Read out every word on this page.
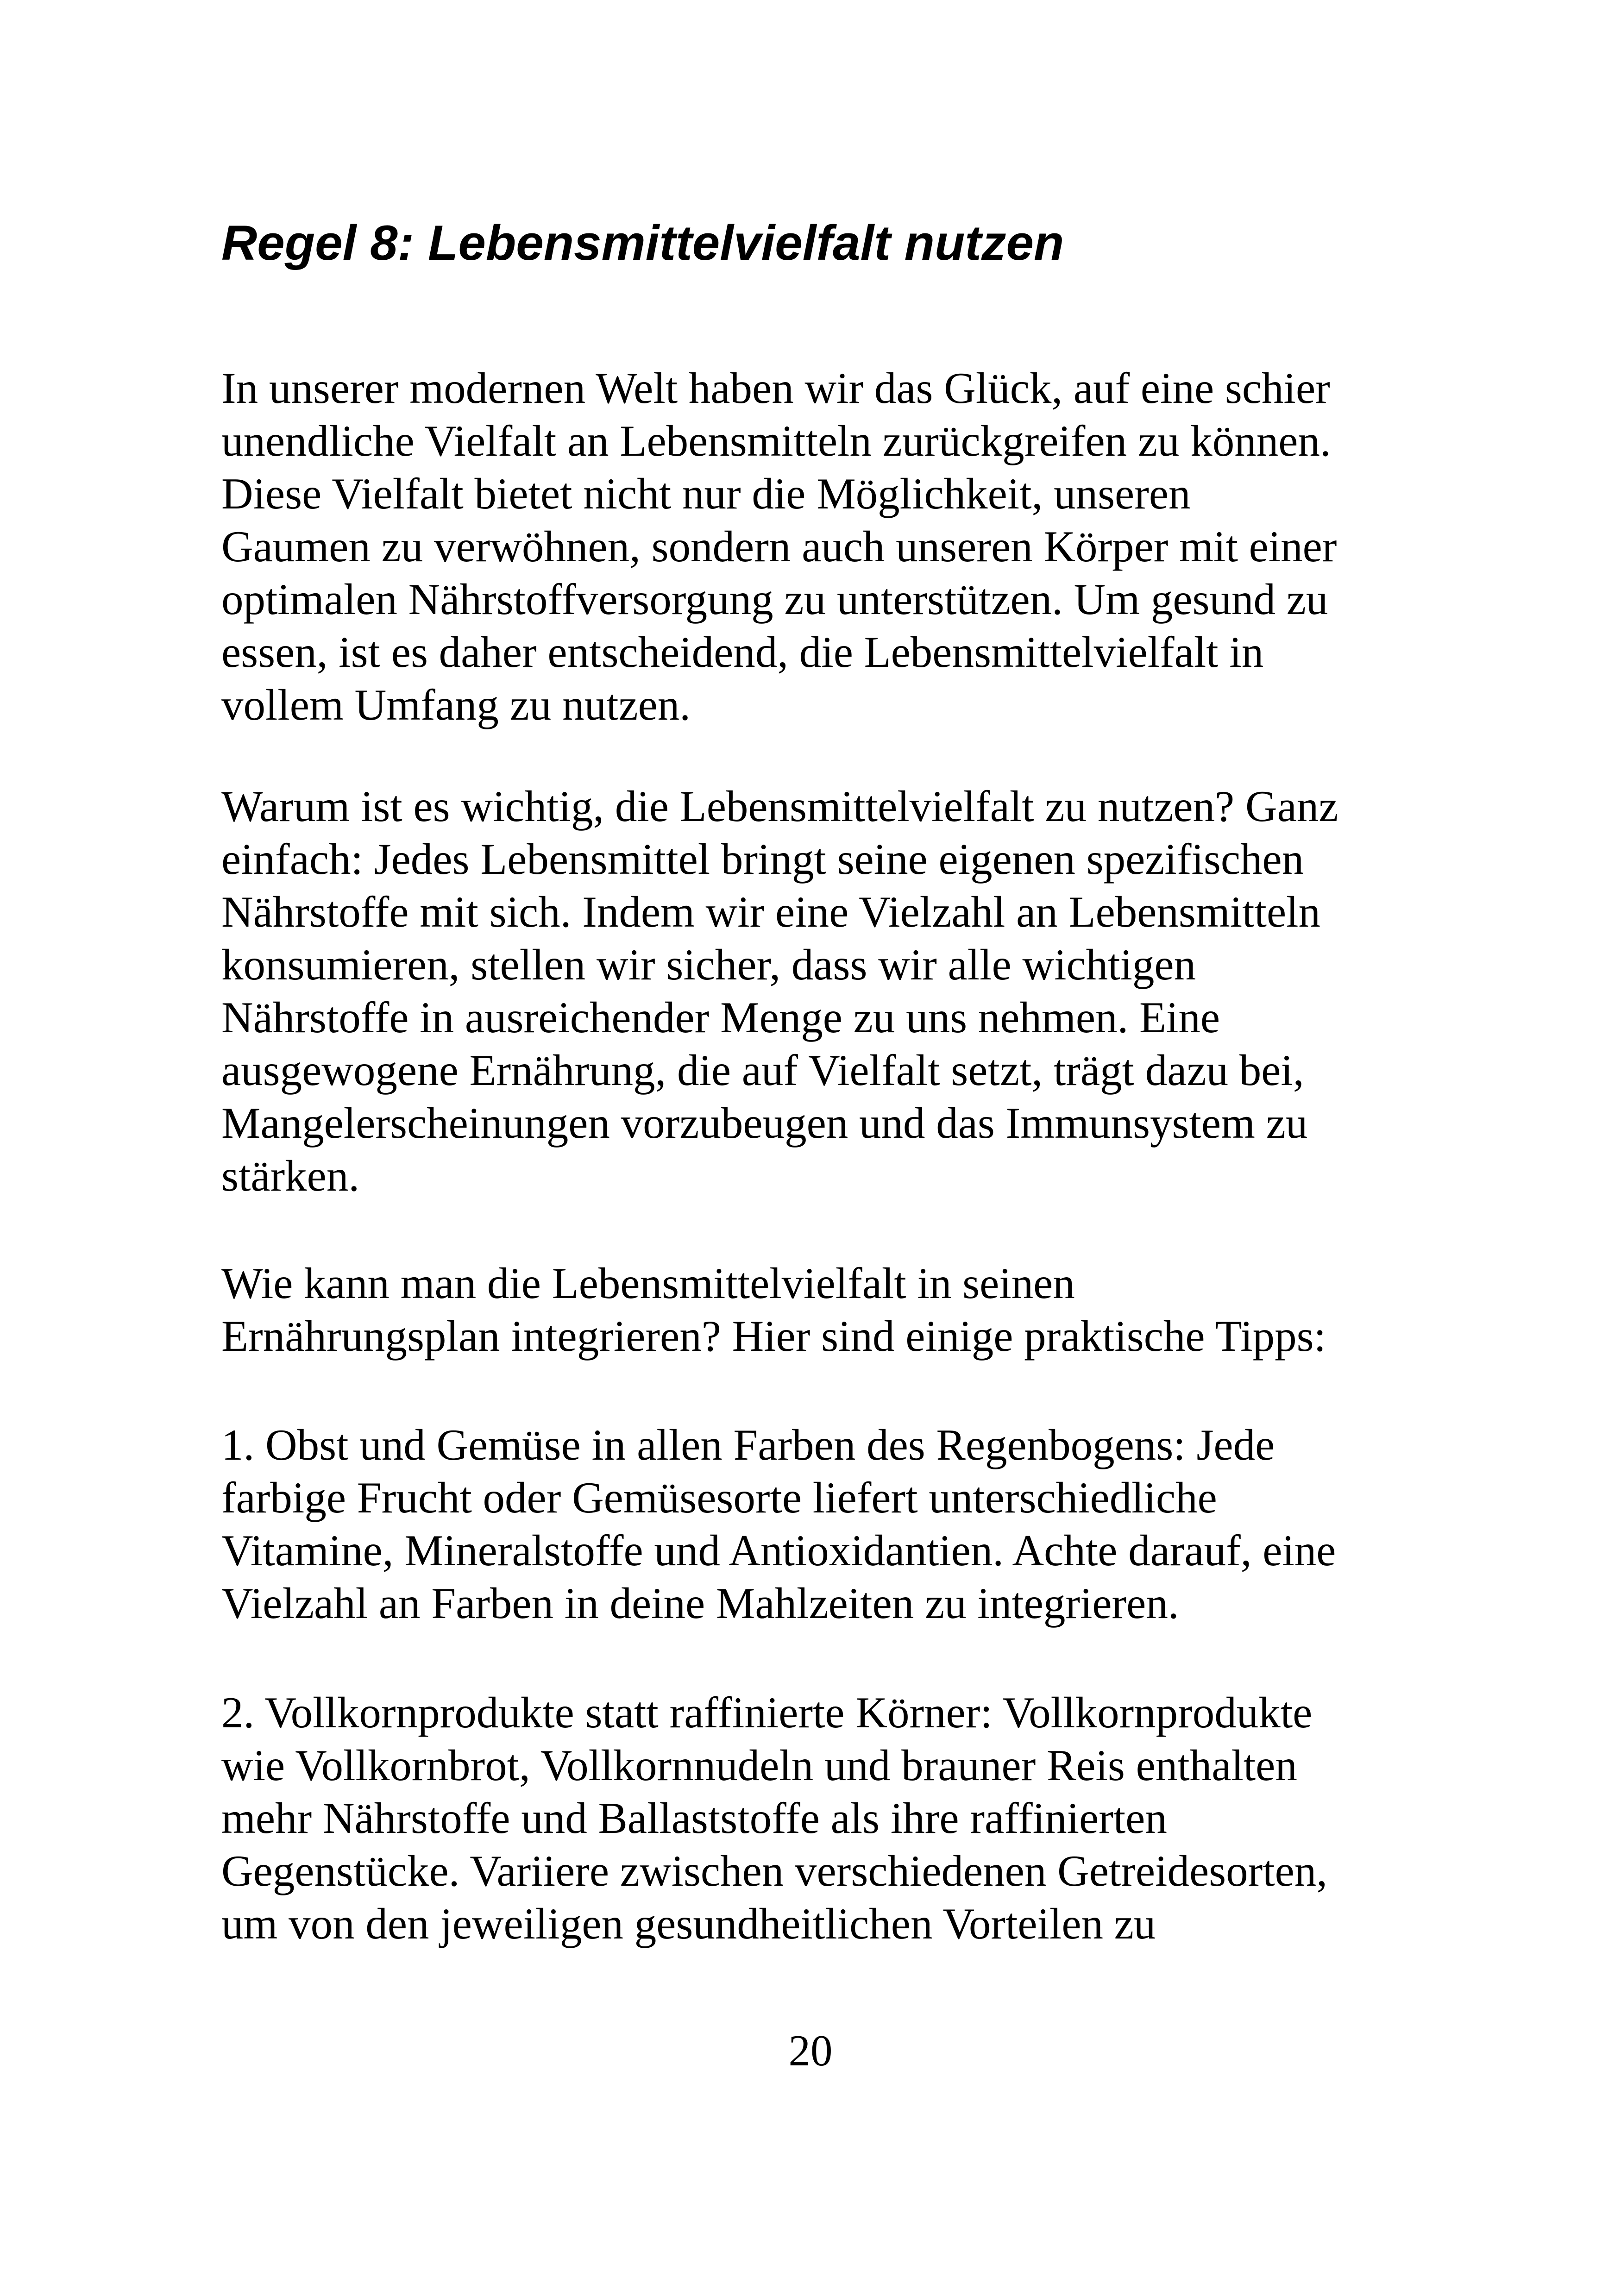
Regel 8: Lebensmittelvielfalt nutzen

In unserer modernen Welt haben wir das Glück, auf eine schier
unendliche Vielfalt an Lebensmitteln zurückgreifen zu können.
Diese Vielfalt bietet nicht nur die Möglichkeit, unseren
Gaumen zu verwöhnen, sondern auch unseren Körper mit einer
optimalen Nährstoffversorgung zu unterstützen. Um gesund zu
essen, ist es daher entscheidend, die Lebensmittelvielfalt in
vollem Umfang zu nutzen.

Warum ist es wichtig, die Lebensmittelvielfalt zu nutzen? Ganz
einfach: Jedes Lebensmittel bringt seine eigenen spezifischen
Nährstoffe mit sich. Indem wir eine Vielzahl an Lebensmitteln
konsumieren, stellen wir sicher, dass wir alle wichtigen
Nährstoffe in ausreichender Menge zu uns nehmen. Eine
ausgewogene Ernährung, die auf Vielfalt setzt, trägt dazu bei,
Mangelerscheinungen vorzubeugen und das Immunsystem zu
stärken.

Wie kann man die Lebensmittelvielfalt in seinen
Ernährungsplan integrieren? Hier sind einige praktische Tipps:

1. Obst und Gemüse in allen Farben des Regenbogens: Jede
farbige Frucht oder Gemüsesorte liefert unterschiedliche
Vitamine, Mineralstoffe und Antioxidantien. Achte darauf, eine
Vielzahl an Farben in deine Mahlzeiten zu integrieren.

2. Vollkornprodukte statt raffinierte Körner: Vollkornprodukte
wie Vollkornbrot, Vollkornnudeln und brauner Reis enthalten
mehr Nährstoffe und Ballaststoffe als ihre raffinierten
Gegenstücke. Variiere zwischen verschiedenen Getreidesorten,
um von den jeweiligen gesundheitlichen Vorteilen zu

20
